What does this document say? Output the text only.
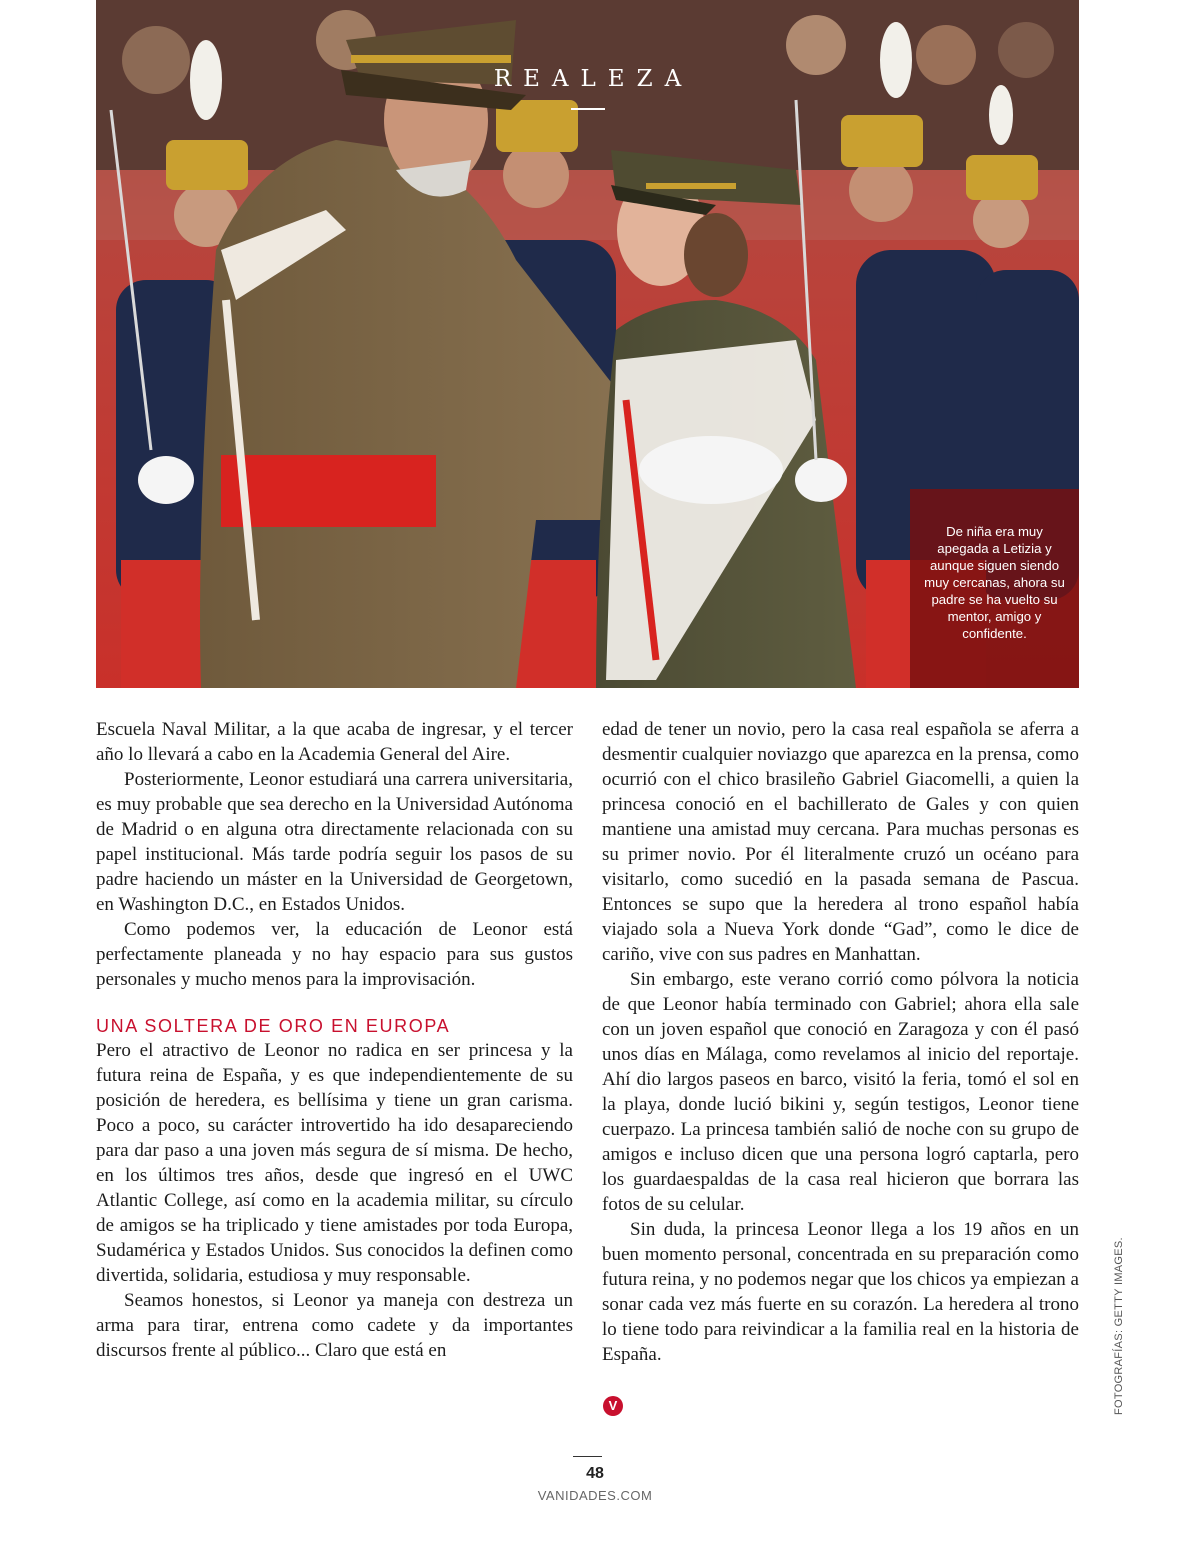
REALEZA
De niña era muy apegada a Letizia y aunque siguen siendo muy cercanas, ahora su padre se ha vuelto su mentor, amigo y confidente.

Escuela Naval Militar, a la que acaba de ingresar, y el tercer año lo llevará a cabo en la Academia General del Aire.

Posteriormente, Leonor estudiará una carrera universitaria, es muy probable que sea derecho en la Universidad Autónoma de Madrid o en alguna otra directamente relacionada con su papel institucional. Más tarde podría seguir los pasos de su padre haciendo un máster en la Universidad de Georgetown, en Washington D.C., en Estados Unidos.

Como podemos ver, la educación de Leonor está perfectamente planeada y no hay espacio para sus gustos personales y mucho menos para la improvisación.

UNA SOLTERA DE ORO EN EUROPA

Pero el atractivo de Leonor no radica en ser princesa y la futura reina de España, y es que independientemente de su posición de heredera, es bellísima y tiene un gran carisma. Poco a poco, su carácter introvertido ha ido desapareciendo para dar paso a una joven más segura de sí misma. De hecho, en los últimos tres años, desde que ingresó en el UWC Atlantic College, así como en la academia militar, su círculo de amigos se ha triplicado y tiene amistades por toda Europa, Sudamérica y Estados Unidos. Sus conocidos la definen como divertida, solidaria, estudiosa y muy responsable.

Seamos honestos, si Leonor ya maneja con destreza un arma para tirar, entrena como cadete y da importantes discursos frente al público... Claro que está en

edad de tener un novio, pero la casa real española se aferra a desmentir cualquier noviazgo que aparezca en la prensa, como ocurrió con el chico brasileño Gabriel Giacomelli, a quien la princesa conoció en el bachillerato de Gales y con quien mantiene una amistad muy cercana. Para muchas personas es su primer novio. Por él literalmente cruzó un océano para visitarlo, como sucedió en la pasada semana de Pascua. Entonces se supo que la heredera al trono español había viajado sola a Nueva York donde “Gad”, como le dice de cariño, vive con sus padres en Manhattan.

Sin embargo, este verano corrió como pólvora la noticia de que Leonor había terminado con Gabriel; ahora ella sale con un joven español que conoció en Zaragoza y con él pasó unos días en Málaga, como revelamos al inicio del reportaje. Ahí dio largos paseos en barco, visitó la feria, tomó el sol en la playa, donde lució bikini y, según testigos, Leonor tiene cuerpazo. La princesa también salió de noche con su grupo de amigos e incluso dicen que una persona logró captarla, pero los guardaespaldas de la casa real hicieron que borrara las fotos de su celular.

Sin duda, la princesa Leonor llega a los 19 años en un buen momento personal, concentrada en su preparación como futura reina, y no podemos negar que los chicos ya empiezan a sonar cada vez más fuerte en su corazón. La heredera al trono lo tiene todo para reivindicar a la familia real en la historia de España.

V	FOTOGRAFÍAS: GETTY IMAGES.
48
VANIDADES.COM
